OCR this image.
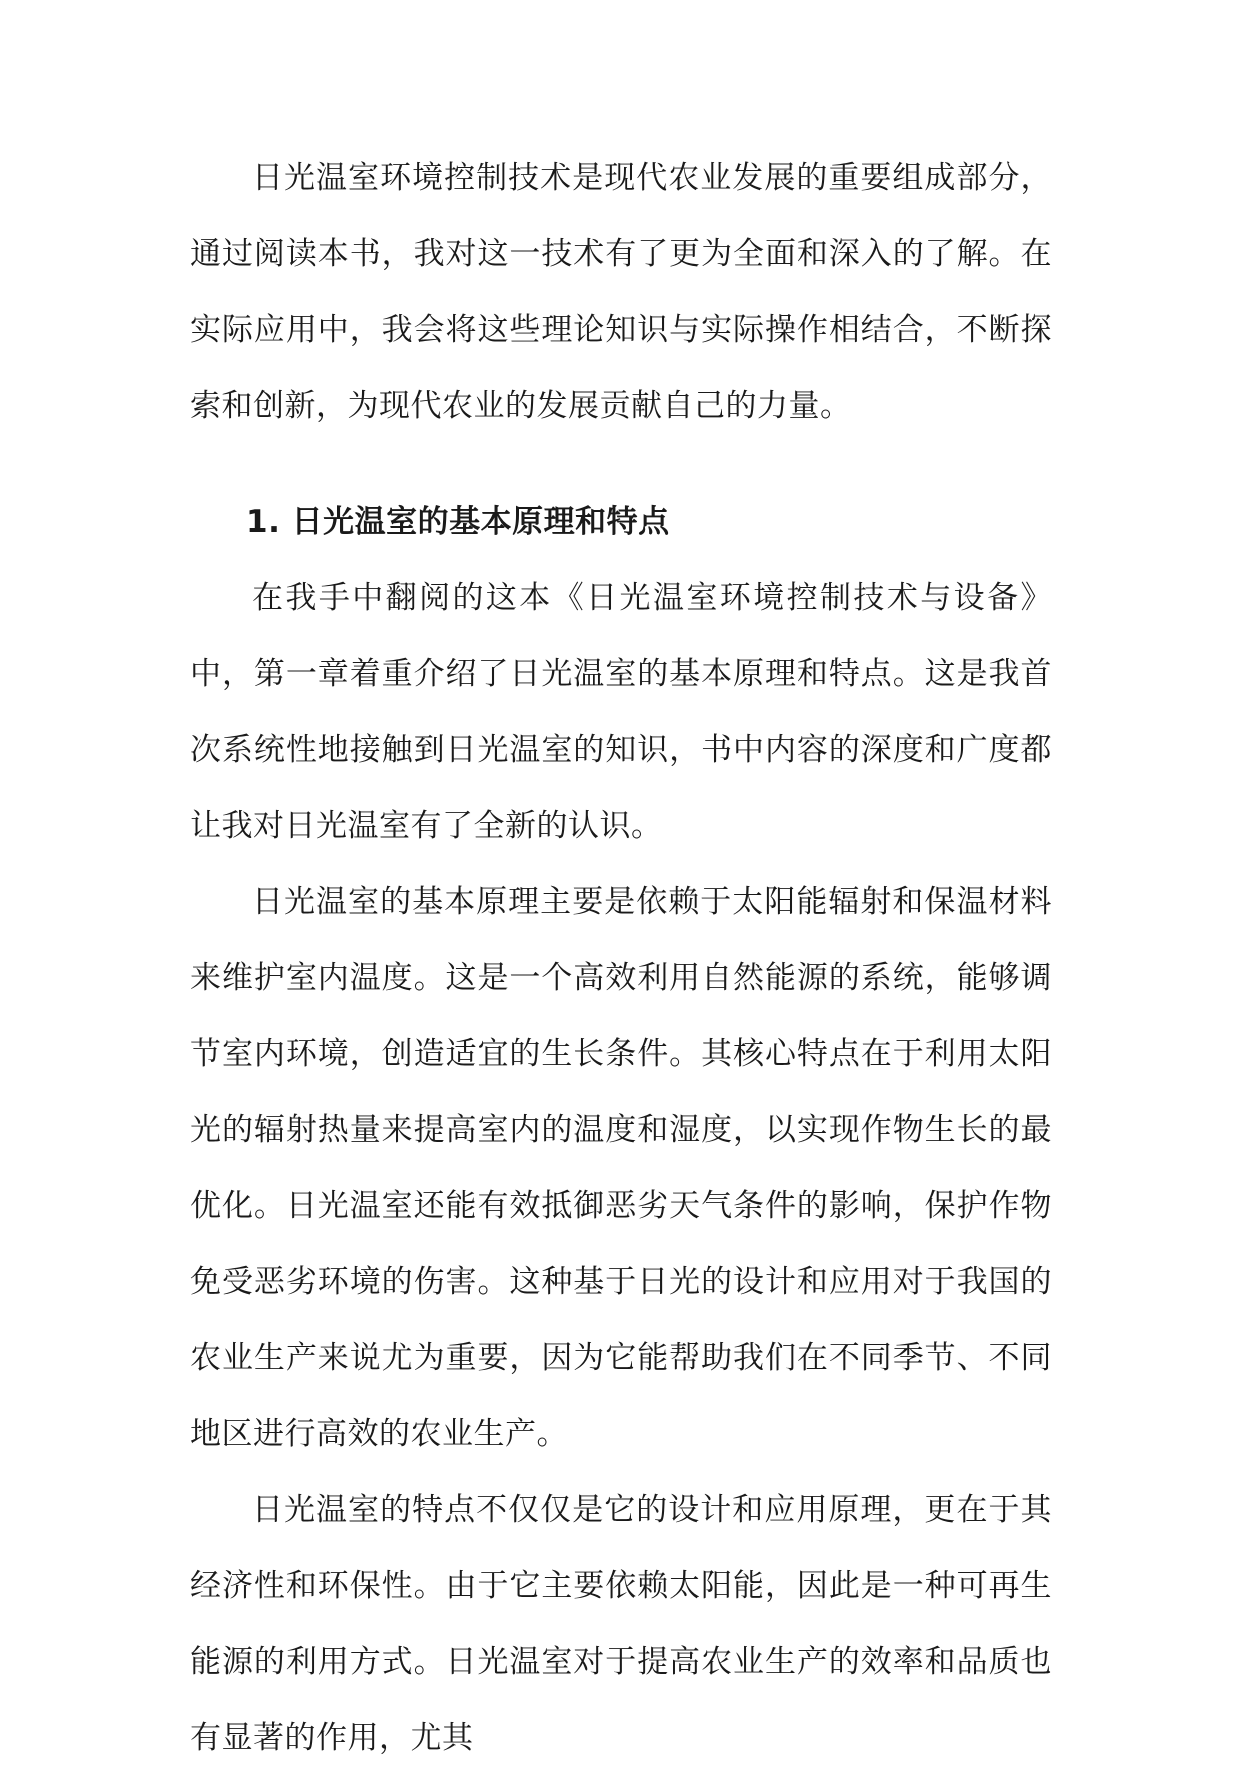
日光温室环境控制技术是现代农业发展的重要组成部分，通过阅读本书，我对这一技术有了更为全面和深入的了解。在实际应用中，我会将这些理论知识与实际操作相结合，不断探索和创新，为现代农业的发展贡献自己的力量。

1. 日光温室的基本原理和特点

在我手中翻阅的这本《日光温室环境控制技术与设备》中，第一章着重介绍了日光温室的基本原理和特点。这是我首次系统性地接触到日光温室的知识，书中内容的深度和广度都让我对日光温室有了全新的认识。

日光温室的基本原理主要是依赖于太阳能辐射和保温材料来维护室内温度。这是一个高效利用自然能源的系统，能够调节室内环境，创造适宜的生长条件。其核心特点在于利用太阳光的辐射热量来提高室内的温度和湿度，以实现作物生长的最优化。日光温室还能有效抵御恶劣天气条件的影响，保护作物免受恶劣环境的伤害。这种基于日光的设计和应用对于我国的农业生产来说尤为重要，因为它能帮助我们在不同季节、不同地区进行高效的农业生产。

日光温室的特点不仅仅是它的设计和应用原理，更在于其经济性和环保性。由于它主要依赖太阳能，因此是一种可再生能源的利用方式。日光温室对于提高农业生产的效率和品质也有显著的作用，尤其
